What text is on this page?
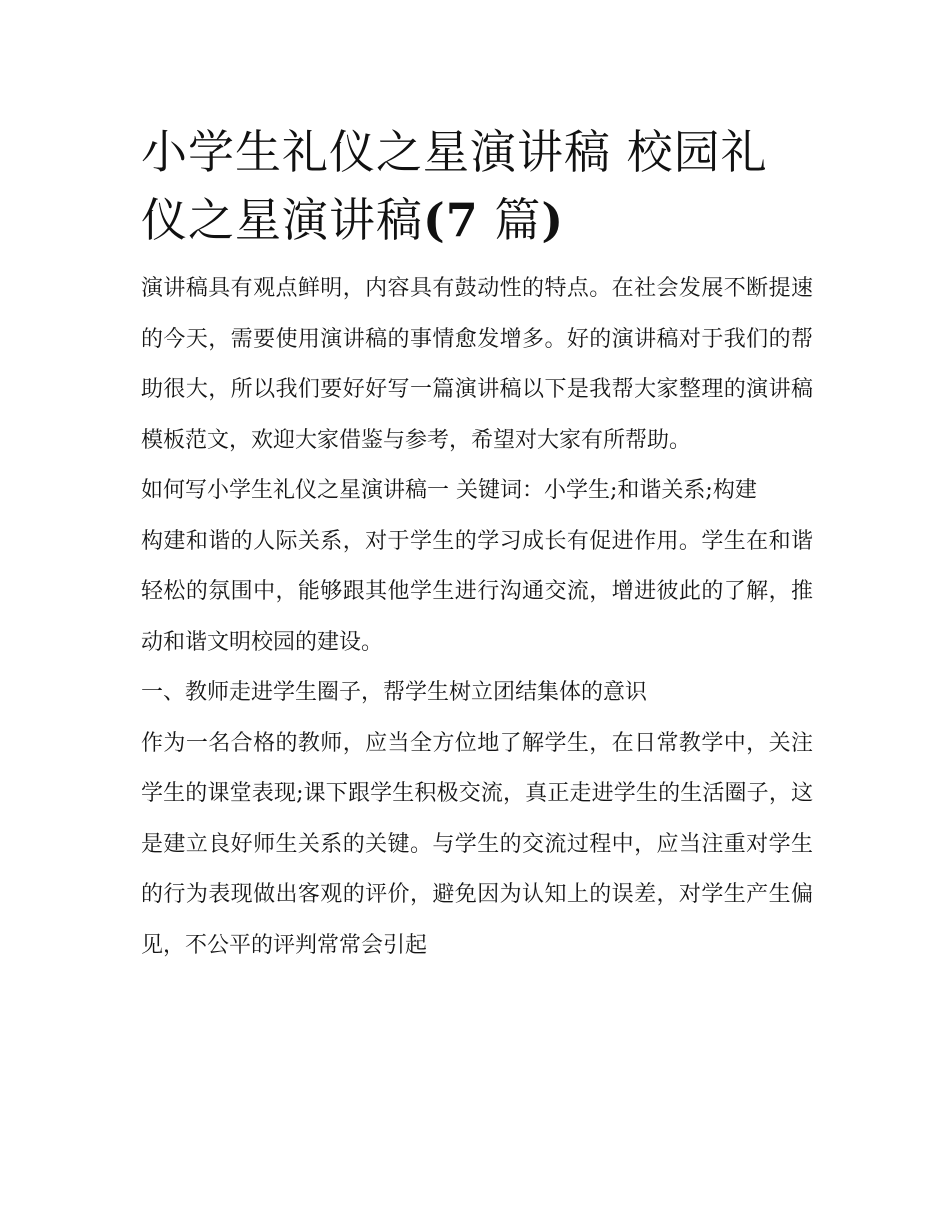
小学生礼仪之星演讲稿 校园礼仪之星演讲稿(7 篇)

演讲稿具有观点鲜明，内容具有鼓动性的特点。在社会发展不断提速的今天，需要使用演讲稿的事情愈发增多。好的演讲稿对于我们的帮助很大，所以我们要好好写一篇演讲稿以下是我帮大家整理的演讲稿模板范文，欢迎大家借鉴与参考，希望对大家有所帮助。

如何写小学生礼仪之星演讲稿一 关键词：小学生;和谐关系;构建

构建和谐的人际关系，对于学生的学习成长有促进作用。学生在和谐轻松的氛围中，能够跟其他学生进行沟通交流，增进彼此的了解，推动和谐文明校园的建设。

一、教师走进学生圈子，帮学生树立团结集体的意识

作为一名合格的教师，应当全方位地了解学生，在日常教学中，关注学生的课堂表现;课下跟学生积极交流，真正走进学生的生活圈子，这是建立良好师生关系的关键。与学生的交流过程中，应当注重对学生的行为表现做出客观的评价，避免因为认知上的误差，对学生产生偏见，不公平的评判常常会引起
